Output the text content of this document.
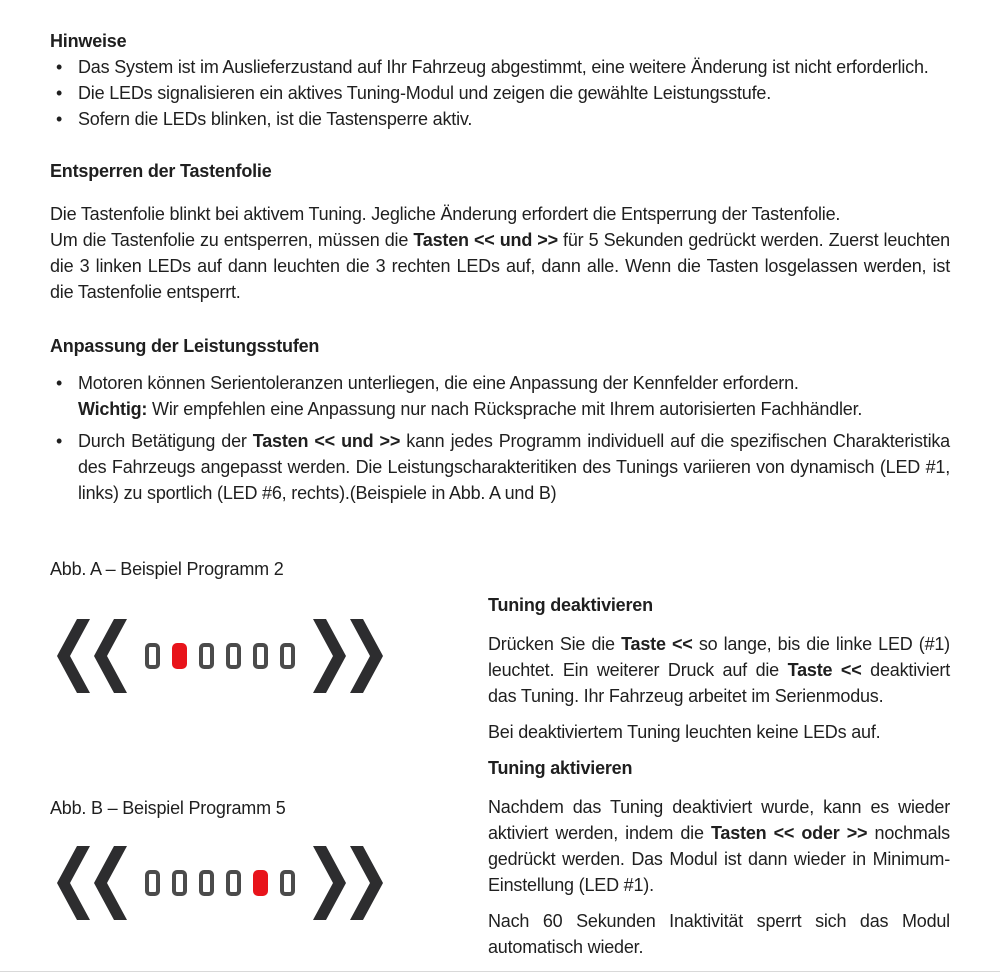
Hinweise

• Das System ist im Auslieferzustand auf Ihr Fahrzeug abgestimmt, eine weitere Änderung ist nicht erforderlich.
• Die LEDs signalisieren ein aktives Tuning-Modul und zeigen die gewählte Leistungsstufe.
• Sofern die LEDs blinken, ist die Tastensperre aktiv.

Entsperren der Tastenfolie

Die Tastenfolie blinkt bei aktivem Tuning. Jegliche Änderung erfordert die Entsperrung der Tastenfolie.
Um die Tastenfolie zu entsperren, müssen die Tasten << und >> für 5 Sekunden gedrückt werden. Zuerst leuchten die 3 linken LEDs auf dann leuchten die 3 rechten LEDs auf, dann alle. Wenn die Tasten losgelassen werden, ist die Tastenfolie entsperrt.

Anpassung der Leistungsstufen

• Motoren können Serientoleranzen unterliegen, die eine Anpassung der Kennfelder erfordern.
Wichtig: Wir empfehlen eine Anpassung nur nach Rücksprache mit Ihrem autorisierten Fachhändler.
• Durch Betätigung der Tasten << und >> kann jedes Programm individuell auf die spezifischen Charakteristika des Fahrzeugs angepasst werden. Die Leistungscharakteritiken des Tunings variieren von dynamisch (LED #1, links) zu sportlich (LED #6, rechts).(Beispiele in Abb. A und B)

Abb. A – Beispiel Programm 2

Abb. B – Beispiel Programm 5

Tuning deaktivieren

Drücken Sie die Taste << so lange, bis die linke LED (#1) leuchtet. Ein weiterer Druck auf die Taste << deaktiviert das Tuning. Ihr Fahrzeug arbeitet im Serienmodus.

Bei deaktiviertem Tuning leuchten keine LEDs auf.

Tuning aktivieren

Nachdem das Tuning deaktiviert wurde, kann es wieder aktiviert werden, indem die Tasten << oder >> nochmals gedrückt werden. Das Modul ist dann wieder in Minimum-Einstellung (LED #1).

Nach 60 Sekunden Inaktivität sperrt sich das Modul automatisch wieder.
